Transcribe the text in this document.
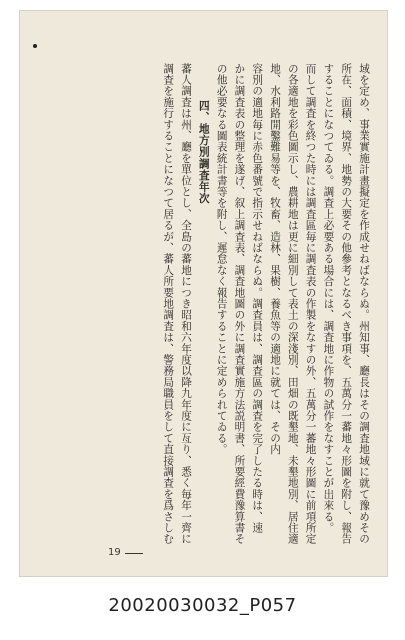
域を定め、事業實施計畫擬定を作成せねばならぬ。州知事、廳長はその調査地域に就て豫めその
所在、面積、境界、地勢の大要その他參考となるべき事項を、五萬分一蕃地々形圖を附し、報告
することになつてゐる。調査上必要ある場合には、調査地に作物の試作をなすことが出來る。
而して調査を終つた時には調査區毎に調査表の作製をなすの外、五萬分一蕃地々形圖に前項所定
の各適地を彩色圖示し、農耕地は更に細別して表土の深淺別、田畑の既墾地、未墾地別、居住適
地、水利路開鑿難易等を、牧畜、造林、果樹、養魚等の適地に就ては、その内
容別の適地毎に赤色番號で指示せねばならぬ。調査員は、調査區の調査を完了したる時は、速
かに調査表の整理を遂げ、叙上調査表、調査地圖の外に調査實施方法説明書、所要經費豫算書そ
の他必要なる圖表統計書等を附し、遲怠なく報告することに定められてゐる。
四、地方別調査年次
蕃人調査は州、廳を單位とし、全島の蕃地につき昭和六年度以降九年度に亙り、悉く毎年一齊に
調査を施行することになつて居るが、蕃人所要地調査は、警務局職員をして直接調査を爲さしむ
19
20020030032_P057
